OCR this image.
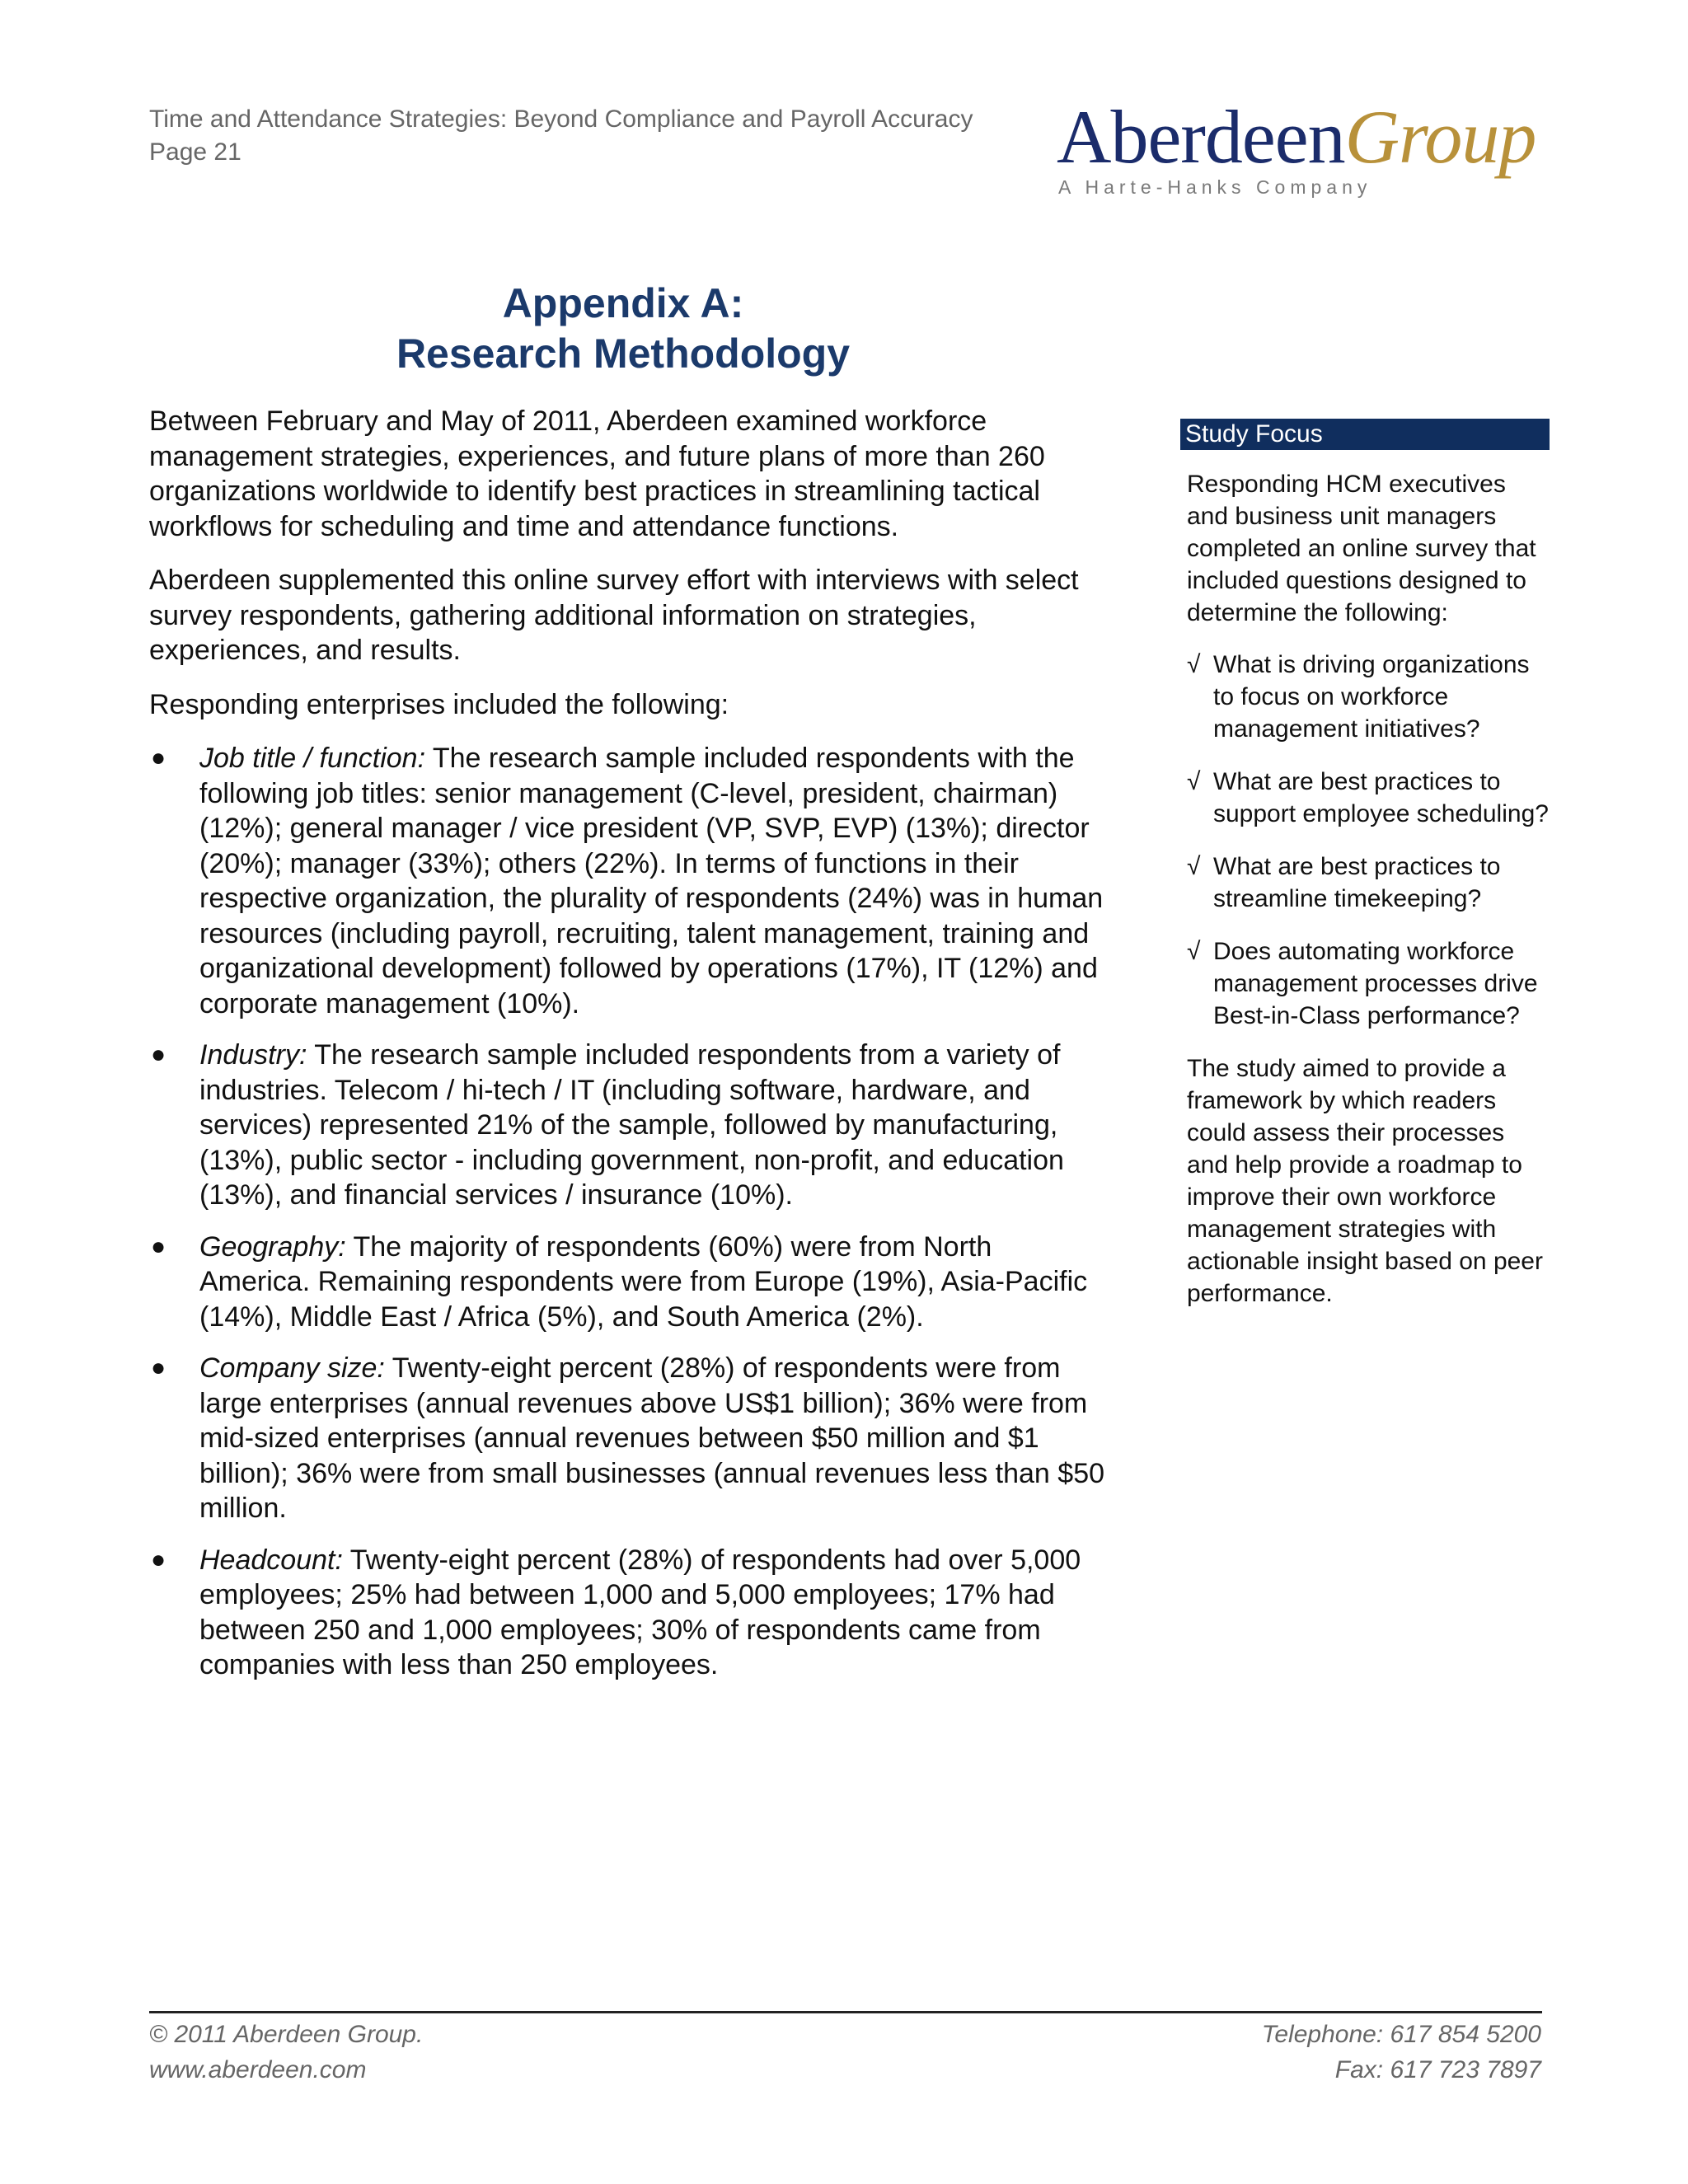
Time and Attendance Strategies: Beyond Compliance and Payroll Accuracy
Page 21	AberdeenGroup
A Harte-Hanks Company
Appendix A:
Research Methodology

Between February and May of 2011, Aberdeen examined workforce management strategies, experiences, and future plans of more than 260 organizations worldwide to identify best practices in streamlining tactical workflows for scheduling and time and attendance functions.

Aberdeen supplemented this online survey effort with interviews with select survey respondents, gathering additional information on strategies, experiences, and results.

Responding enterprises included the following:

● Job title / function: The research sample included respondents with the following job titles: senior management (C-level, president, chairman) (12%); general manager / vice president (VP, SVP, EVP) (13%); director (20%); manager (33%); others (22%). In terms of functions in their respective organization, the plurality of respondents (24%) was in human resources (including payroll, recruiting, talent management, training and organizational development) followed by operations (17%), IT (12%) and corporate management (10%).
● Industry: The research sample included respondents from a variety of industries. Telecom / hi-tech / IT (including software, hardware, and services) represented 21% of the sample, followed by manufacturing, (13%), public sector - including government, non-profit, and education (13%), and financial services / insurance (10%).
● Geography: The majority of respondents (60%) were from North America. Remaining respondents were from Europe (19%), Asia-Pacific (14%), Middle East / Africa (5%), and South America (2%).
● Company size: Twenty-eight percent (28%) of respondents were from large enterprises (annual revenues above US$1 billion); 36% were from mid-sized enterprises (annual revenues between $50 million and $1 billion); 36% were from small businesses (annual revenues less than $50 million.
● Headcount: Twenty-eight percent (28%) of respondents had over 5,000 employees; 25% had between 1,000 and 5,000 employees; 17% had between 250 and 1,000 employees; 30% of respondents came from companies with less than 250 employees.
Study Focus

Responding HCM executives and business unit managers completed an online survey that included questions designed to determine the following:

√ What is driving organizations to focus on workforce management initiatives?
√ What are best practices to support employee scheduling?
√ What are best practices to streamline timekeeping?
√ Does automating workforce management processes drive Best-in-Class performance?

The study aimed to provide a framework by which readers could assess their processes and help provide a roadmap to improve their own workforce management strategies with actionable insight based on peer performance.

© 2011 Aberdeen Group.
www.aberdeen.com
Telephone: 617 854 5200
Fax: 617 723 7897
